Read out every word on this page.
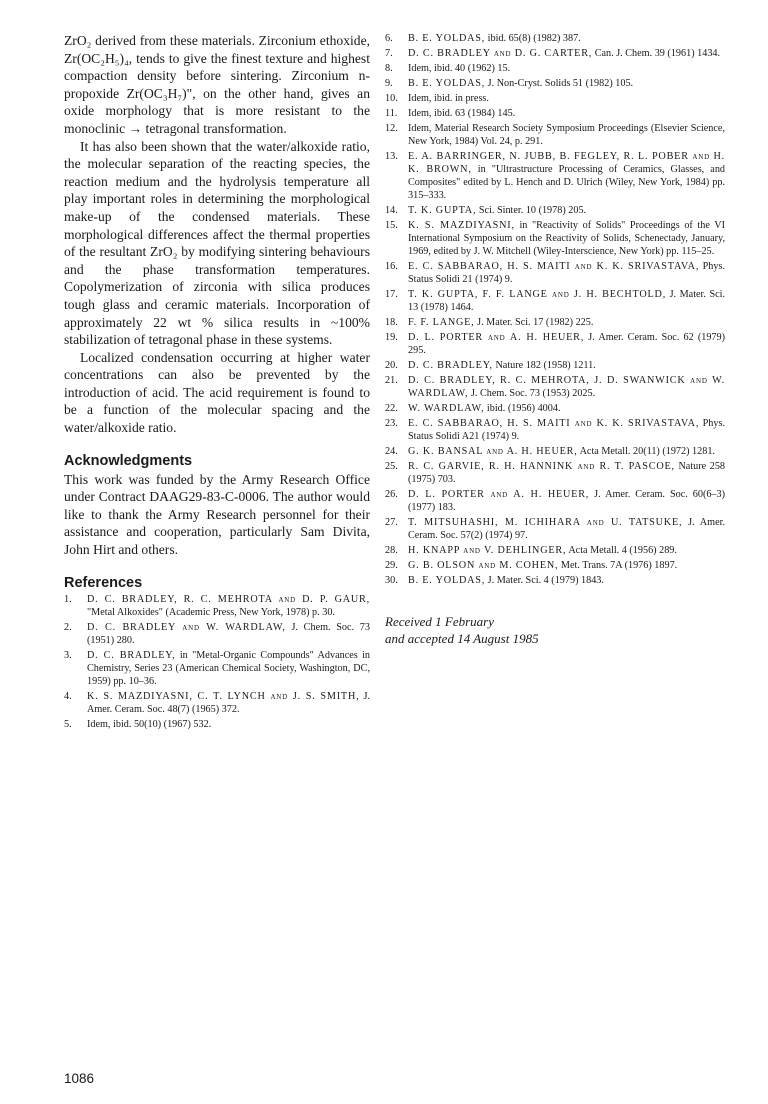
ZrO₂ derived from these materials. Zirconium ethoxide, Zr(OC₂H₅)₄, tends to give the finest texture and highest compaction density before sintering. Zirconium n-propoxide Zr(OC₃H₇)", on the other hand, gives an oxide morphology that is more resistant to the monoclinic → tetragonal transformation.

It has also been shown that the water/alkoxide ratio, the molecular separation of the reacting species, the reaction medium and the hydrolysis temperature all play important roles in determining the morphological make-up of the condensed materials. These morphological differences affect the thermal properties of the resultant ZrO₂ by modifying sintering behaviours and the phase transformation temperatures. Copolymerization of zirconia with silica produces tough glass and ceramic materials. Incorporation of approximately 22 wt % silica results in ~100% stabilization of tetragonal phase in these systems.

Localized condensation occurring at higher water concentrations can also be prevented by the introduction of acid. The acid requirement is found to be a function of the molecular spacing and the water/alkoxide ratio.

Acknowledgments

This work was funded by the Army Research Office under Contract DAAG29-83-C-0006. The author would like to thank the Army Research personnel for their assistance and cooperation, particularly Sam Divita, John Hirt and others.

References
1.	D. C. BRADLEY, R. C. MEHROTA and D. P. GAUR, "Metal Alkoxides" (Academic Press, New York, 1978) p. 30.
2.	D. C. BRADLEY and W. WARDLAW, J. Chem. Soc. 73 (1951) 280.
3.	D. C. BRADLEY, in "Metal-Organic Compounds" Advances in Chemistry, Series 23 (American Chemical Society, Washington, DC, 1959) pp. 10–36.
4.	K. S. MAZDIYASNI, C. T. LYNCH and J. S. SMITH, J. Amer. Ceram. Soc. 48(7) (1965) 372.
5.	Idem, ibid. 50(10) (1967) 532.
6.	B. E. YOLDAS, ibid. 65(8) (1982) 387.
7.	D. C. BRADLEY and D. G. CARTER, Can. J. Chem. 39 (1961) 1434.
8.	Idem, ibid. 40 (1962) 15.
9.	B. E. YOLDAS, J. Non-Cryst. Solids 51 (1982) 105.
10.	Idem, ibid. in press.
11.	Idem, ibid. 63 (1984) 145.
12.	Idem, Material Research Society Symposium Proceedings (Elsevier Science, New York, 1984) Vol. 24, p. 291.
13.	E. A. BARRINGER, N. JUBB, B. FEGLEY, R. L. POBER and H. K. BROWN, in "Ultrastructure Processing of Ceramics, Glasses, and Composites" edited by L. Hench and D. Ulrich (Wiley, New York, 1984) pp. 315–333.
14.	T. K. GUPTA, Sci. Sinter. 10 (1978) 205.
15.	K. S. MAZDIYASNI, in "Reactivity of Solids" Proceedings of the VI International Symposium on the Reactivity of Solids, Schenectady, January, 1969, edited by J. W. Mitchell (Wiley-Interscience, New York) pp. 115–25.
16.	E. C. SABBARAO, H. S. MAITI and K. K. SRIVASTAVA, Phys. Status Solidi 21 (1974) 9.
17.	T. K. GUPTA, F. F. LANGE and J. H. BECHTOLD, J. Mater. Sci. 13 (1978) 1464.
18.	F. F. LANGE, J. Mater. Sci. 17 (1982) 225.
19.	D. L. PORTER and A. H. HEUER, J. Amer. Ceram. Soc. 62 (1979) 295.
20.	D. C. BRADLEY, Nature 182 (1958) 1211.
21.	D. C. BRADLEY, R. C. MEHROTA, J. D. SWANWICK and W. WARDLAW, J. Chem. Soc. 73 (1953) 2025.
22.	W. WARDLAW, ibid. (1956) 4004.
23.	E. C. SABBARAO, H. S. MAITI and K. K. SRIVASTAVA, Phys. Status Solidi A21 (1974) 9.
24.	G. K. BANSAL and A. H. HEUER, Acta Metall. 20(11) (1972) 1281.
25.	R. C. GARVIE, R. H. HANNINK and R. T. PASCOE, Nature 258 (1975) 703.
26.	D. L. PORTER and A. H. HEUER, J. Amer. Ceram. Soc. 60(6–3) (1977) 183.
27.	T. MITSUHASHI, M. ICHIHARA and U. TATSUKE, J. Amer. Ceram. Soc. 57(2) (1974) 97.
28.	H. KNAPP and V. DEHLINGER, Acta Metall. 4 (1956) 289.
29.	G. B. OLSON and M. COHEN, Met. Trans. 7A (1976) 1897.
30.	B. E. YOLDAS, J. Mater. Sci. 4 (1979) 1843.
Received 1 February
and accepted 14 August 1985
1086
